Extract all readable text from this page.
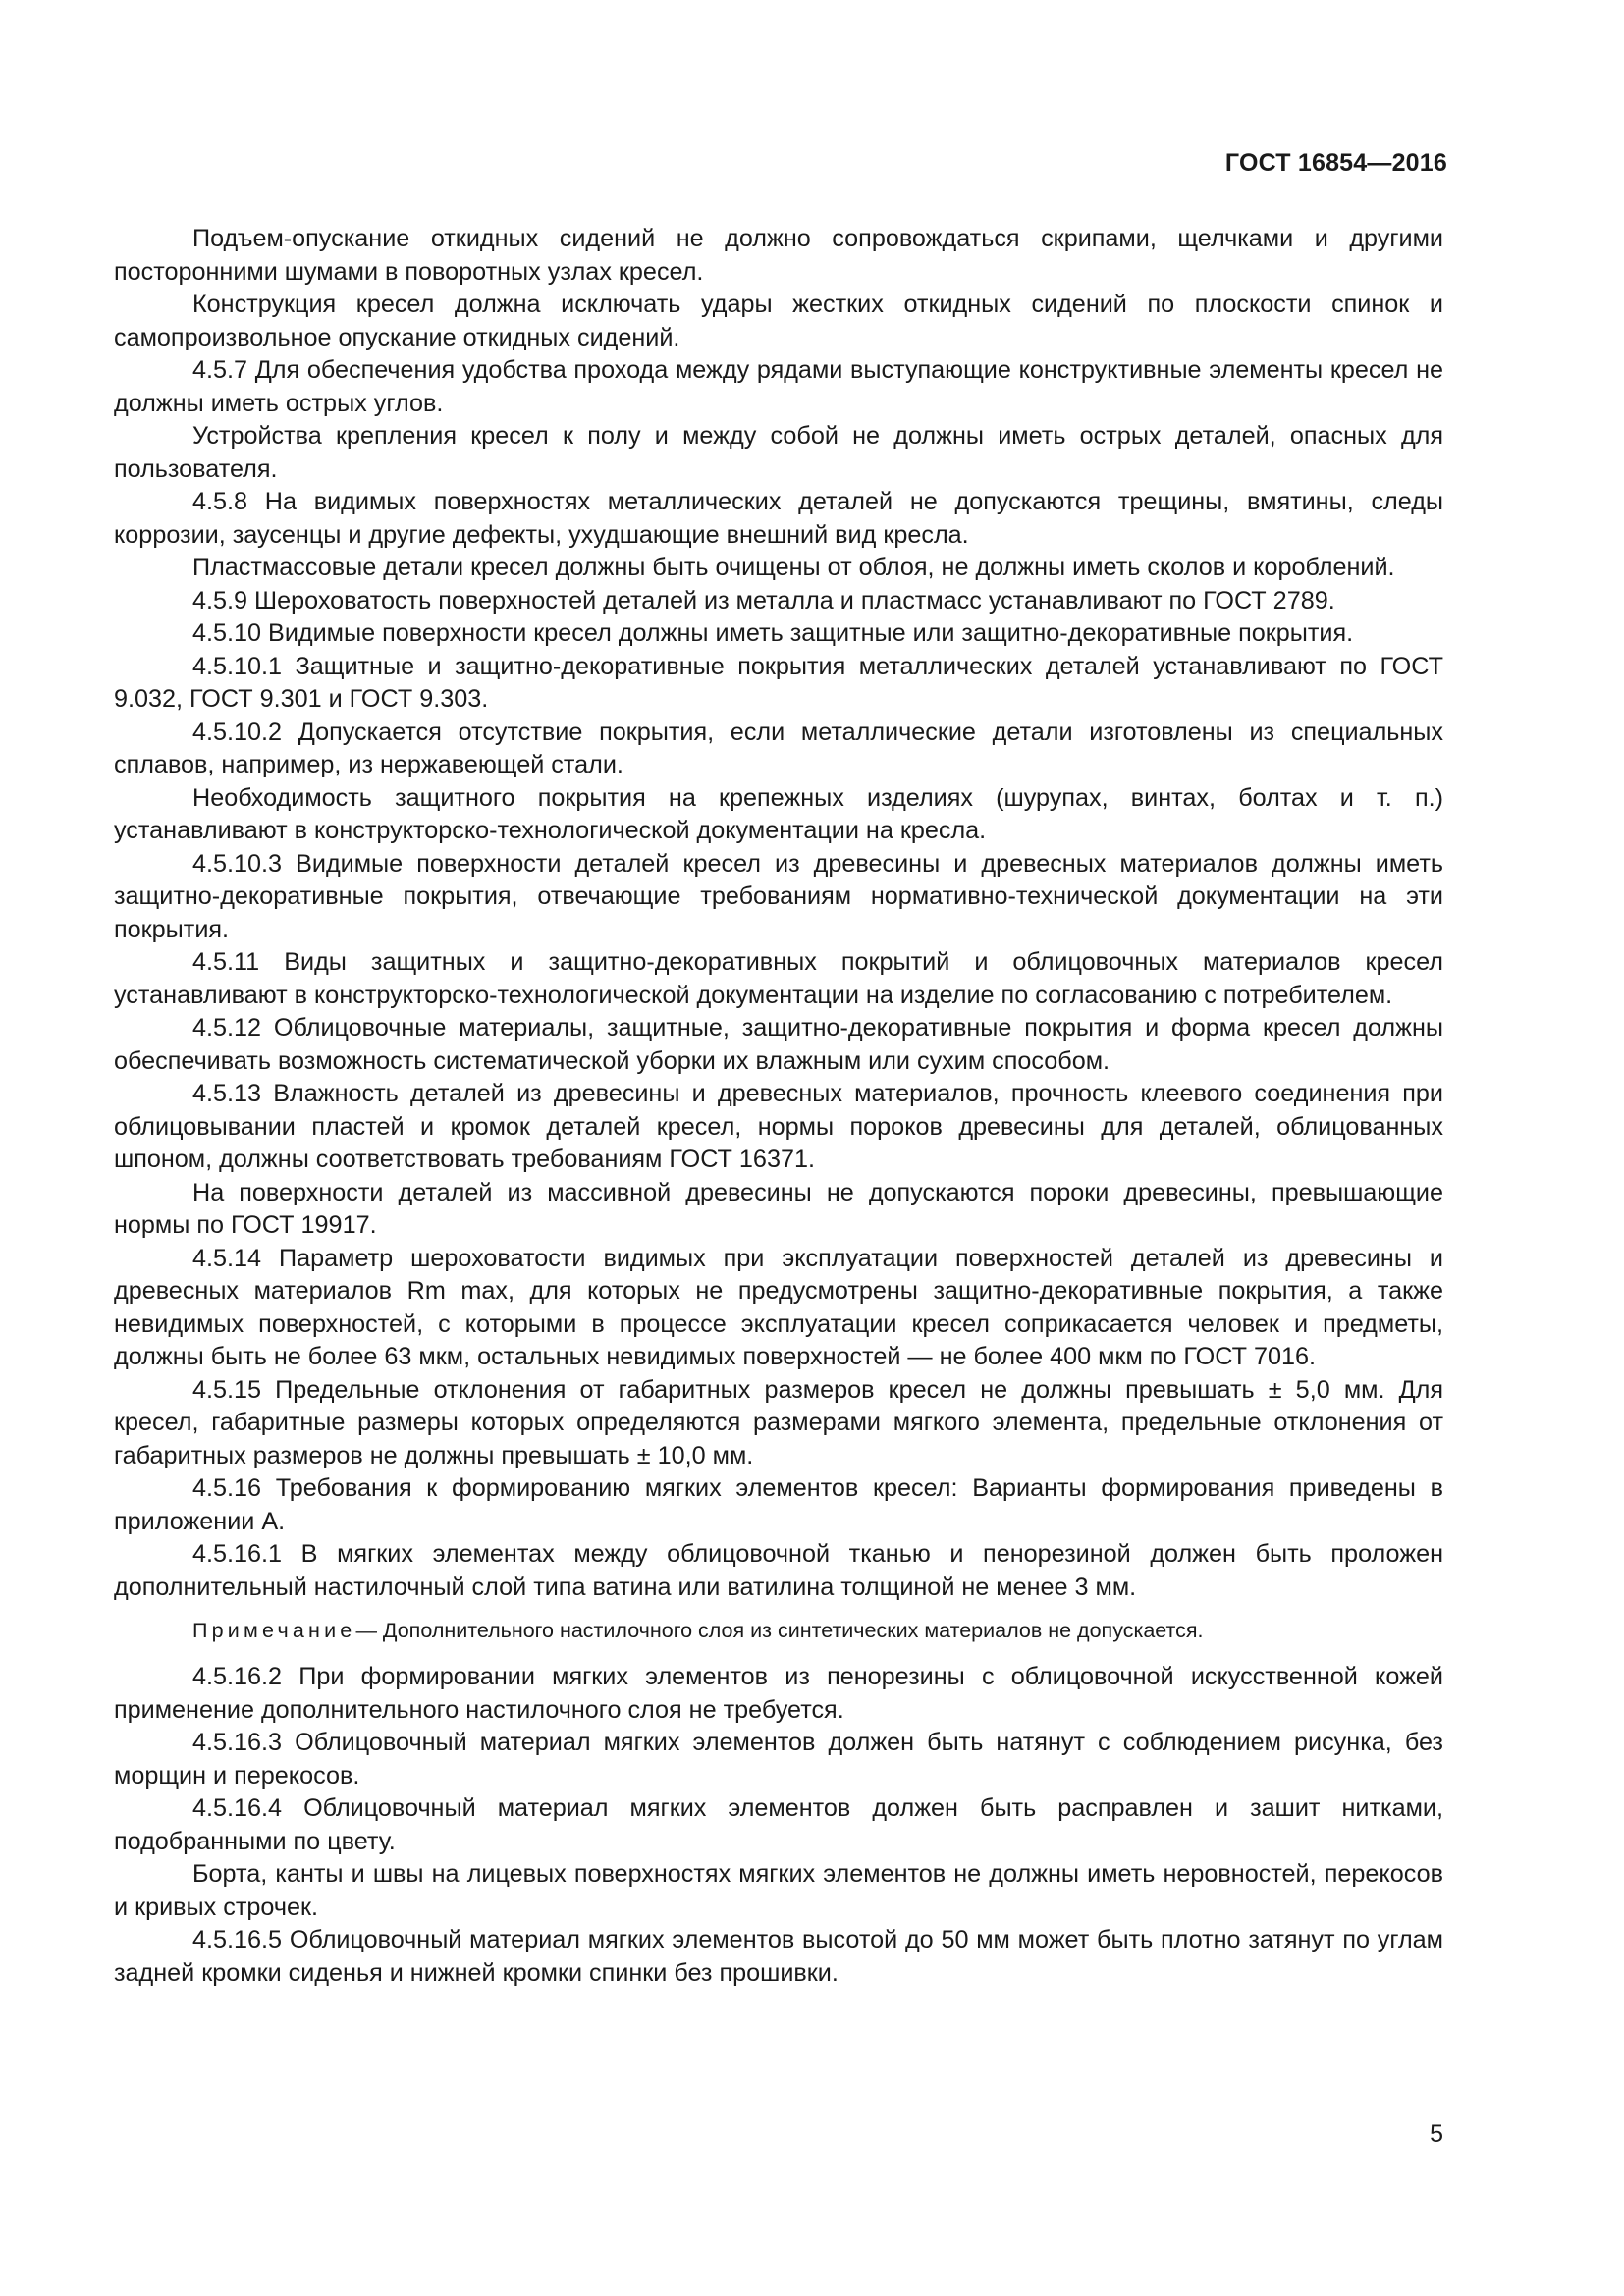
ГОСТ 16854—2016

Подъем-опускание откидных сидений не должно сопровождаться скрипами, щелчками и другими посторонними шумами в поворотных узлах кресел.

Конструкция кресел должна исключать удары жестких откидных сидений по плоскости спинок и самопроизвольное опускание откидных сидений.

4.5.7 Для обеспечения удобства прохода между рядами выступающие конструктивные элементы кресел не должны иметь острых углов.

Устройства крепления кресел к полу и между собой не должны иметь острых деталей, опасных для пользователя.

4.5.8 На видимых поверхностях металлических деталей не допускаются трещины, вмятины, следы коррозии, заусенцы и другие дефекты, ухудшающие внешний вид кресла.

Пластмассовые детали кресел должны быть очищены от облоя, не должны иметь сколов и короблений.

4.5.9 Шероховатость поверхностей деталей из металла и пластмасс устанавливают по ГОСТ 2789.

4.5.10 Видимые поверхности кресел должны иметь защитные или защитно-декоративные покрытия.

4.5.10.1 Защитные и защитно-декоративные покрытия металлических деталей устанавливают по ГОСТ 9.032, ГОСТ 9.301 и ГОСТ 9.303.

4.5.10.2 Допускается отсутствие покрытия, если металлические детали изготовлены из специальных сплавов, например, из нержавеющей стали.

Необходимость защитного покрытия на крепежных изделиях (шурупах, винтах, болтах и т. п.) устанавливают в конструкторско-технологической документации на кресла.

4.5.10.3 Видимые поверхности деталей кресел из древесины и древесных материалов должны иметь защитно-декоративные покрытия, отвечающие требованиям нормативно-технической документации на эти покрытия.

4.5.11 Виды защитных и защитно-декоративных покрытий и облицовочных материалов кресел устанавливают в конструкторско-технологической документации на изделие по согласованию с потребителем.

4.5.12 Облицовочные материалы, защитные, защитно-декоративные покрытия и форма кресел должны обеспечивать возможность систематической уборки их влажным или сухим способом.

4.5.13 Влажность деталей из древесины и древесных материалов, прочность клеевого соединения при облицовывании пластей и кромок деталей кресел, нормы пороков древесины для деталей, облицованных шпоном, должны соответствовать требованиям ГОСТ 16371.

На поверхности деталей из массивной древесины не допускаются пороки древесины, превышающие нормы по ГОСТ 19917.

4.5.14 Параметр шероховатости видимых при эксплуатации поверхностей деталей из древесины и древесных материалов Rm max, для которых не предусмотрены защитно-декоративные покрытия, а также невидимых поверхностей, с которыми в процессе эксплуатации кресел соприкасается человек и предметы, должны быть не более 63 мкм, остальных невидимых поверхностей — не более 400 мкм по ГОСТ 7016.

4.5.15 Предельные отклонения от габаритных размеров кресел не должны превышать ± 5,0 мм. Для кресел, габаритные размеры которых определяются размерами мягкого элемента, предельные отклонения от габаритных размеров не должны превышать ± 10,0 мм.

4.5.16 Требования к формированию мягких элементов кресел: Варианты формирования приведены в приложении А.

4.5.16.1 В мягких элементах между облицовочной тканью и пенорезиной должен быть проложен дополнительный настилочный слой типа ватина или ватилина толщиной не менее 3 мм.

Примечание— Дополнительного настилочного слоя из синтетических материалов не допускается.

4.5.16.2 При формировании мягких элементов из пенорезины с облицовочной искусственной кожей применение дополнительного настилочного слоя не требуется.

4.5.16.3 Облицовочный материал мягких элементов должен быть натянут с соблюдением рисунка, без морщин и перекосов.

4.5.16.4 Облицовочный материал мягких элементов должен быть расправлен и зашит нитками, подобранными по цвету.

Борта, канты и швы на лицевых поверхностях мягких элементов не должны иметь неровностей, перекосов и кривых строчек.

4.5.16.5 Облицовочный материал мягких элементов высотой до 50 мм может быть плотно затянут по углам задней кромки сиденья и нижней кромки спинки без прошивки.

5
